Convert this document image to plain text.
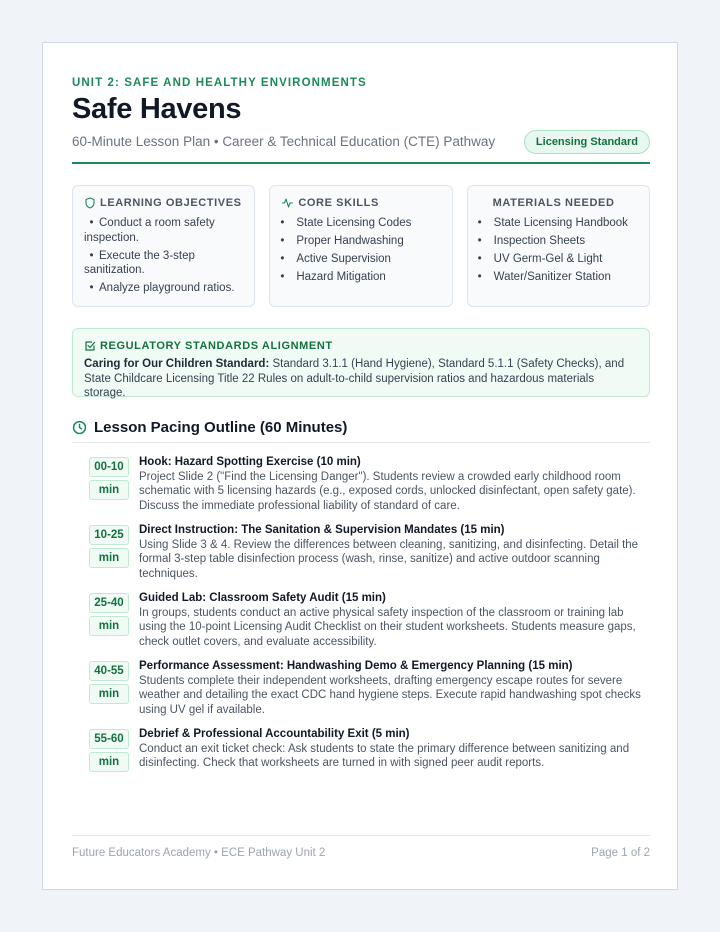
UNIT 2: SAFE AND HEALTHY ENVIRONMENTS
Safe Havens
60-Minute Lesson Plan • Career & Technical Education (CTE) Pathway	Licensing Standard
LEARNING OBJECTIVES
• Conduct a room safety inspection.
• Execute the 3-step sanitization.
• Analyze playground ratios.
CORE SKILLS
• State Licensing Codes
• Proper Handwashing
• Active Supervision
• Hazard Mitigation
MATERIALS NEEDED
• State Licensing Handbook
• Inspection Sheets
• UV Germ-Gel & Light
• Water/Sanitizer Station
REGULATORY STANDARDS ALIGNMENT
Caring for Our Children Standard: Standard 3.1.1 (Hand Hygiene), Standard 5.1.1 (Safety Checks), and State Childcare Licensing Title 22 Rules on adult-to-child supervision ratios and hazardous materials storage.
Lesson Pacing Outline (60 Minutes)
00-10
min
Hook: Hazard Spotting Exercise (10 min)
Project Slide 2 ("Find the Licensing Danger"). Students review a crowded early childhood room schematic with 5 licensing hazards (e.g., exposed cords, unlocked disinfectant, open safety gate). Discuss the immediate professional liability of standard of care.
10-25
min
Direct Instruction: The Sanitation & Supervision Mandates (15 min)
Using Slide 3 & 4. Review the differences between cleaning, sanitizing, and disinfecting. Detail the formal 3-step table disinfection process (wash, rinse, sanitize) and active outdoor scanning techniques.
25-40
min
Guided Lab: Classroom Safety Audit (15 min)
In groups, students conduct an active physical safety inspection of the classroom or training lab using the 10-point Licensing Audit Checklist on their student worksheets. Students measure gaps, check outlet covers, and evaluate accessibility.
40-55
min
Performance Assessment: Handwashing Demo & Emergency Planning (15 min)
Students complete their independent worksheets, drafting emergency escape routes for severe weather and detailing the exact CDC hand hygiene steps. Execute rapid handwashing spot checks using UV gel if available.
55-60
min
Debrief & Professional Accountability Exit (5 min)
Conduct an exit ticket check: Ask students to state the primary difference between sanitizing and disinfecting. Check that worksheets are turned in with signed peer audit reports.
Future Educators Academy • ECE Pathway Unit 2	Page 1 of 2
